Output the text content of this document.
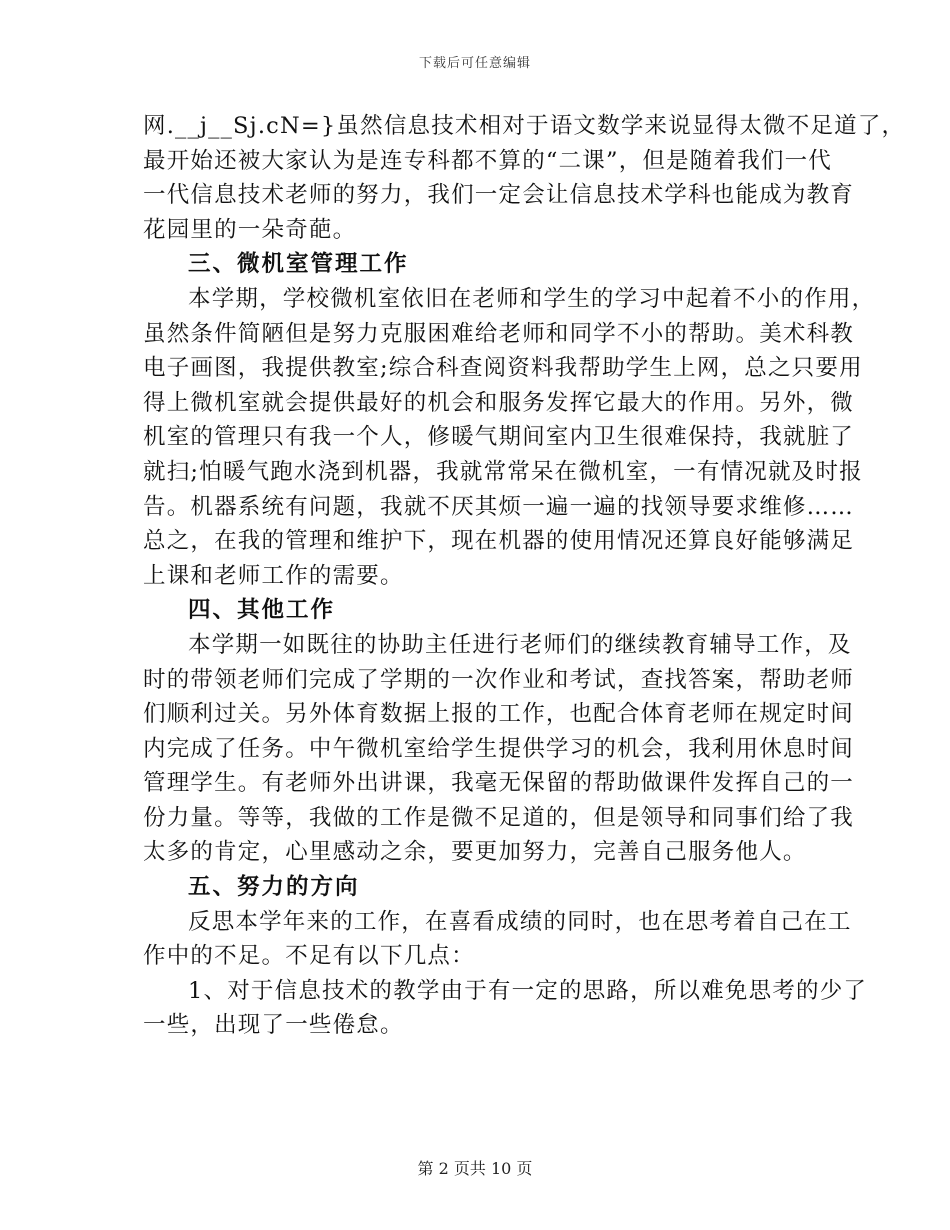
下载后可任意编辑
网.__j__Sj.cN=}虽然信息技术相对于语文数学来说显得太微不足道了，
最开始还被大家认为是连专科都不算的“二课”，但是随着我们一代
一代信息技术老师的努力，我们一定会让信息技术学科也能成为教育
花园里的一朵奇葩。
三、微机室管理工作
本学期，学校微机室依旧在老师和学生的学习中起着不小的作用，
虽然条件简陋但是努力克服困难给老师和同学不小的帮助。美术科教
电子画图，我提供教室;综合科查阅资料我帮助学生上网，总之只要用
得上微机室就会提供最好的机会和服务发挥它最大的作用。另外，微
机室的管理只有我一个人，修暖气期间室内卫生很难保持，我就脏了
就扫;怕暖气跑水浇到机器，我就常常呆在微机室，一有情况就及时报
告。机器系统有问题，我就不厌其烦一遍一遍的找领导要求维修……
总之，在我的管理和维护下，现在机器的使用情况还算良好能够满足
上课和老师工作的需要。
四、其他工作
本学期一如既往的协助主任进行老师们的继续教育辅导工作，及
时的带领老师们完成了学期的一次作业和考试，查找答案，帮助老师
们顺利过关。另外体育数据上报的工作，也配合体育老师在规定时间
内完成了任务。中午微机室给学生提供学习的机会，我利用休息时间
管理学生。有老师外出讲课，我毫无保留的帮助做课件发挥自己的一
份力量。等等，我做的工作是微不足道的，但是领导和同事们给了我
太多的肯定，心里感动之余，要更加努力，完善自己服务他人。
五、努力的方向
反思本学年来的工作，在喜看成绩的同时，也在思考着自己在工
作中的不足。不足有以下几点：
1、对于信息技术的教学由于有一定的思路，所以难免思考的少了
一些，出现了一些倦怠。
第 2 页共 10 页
